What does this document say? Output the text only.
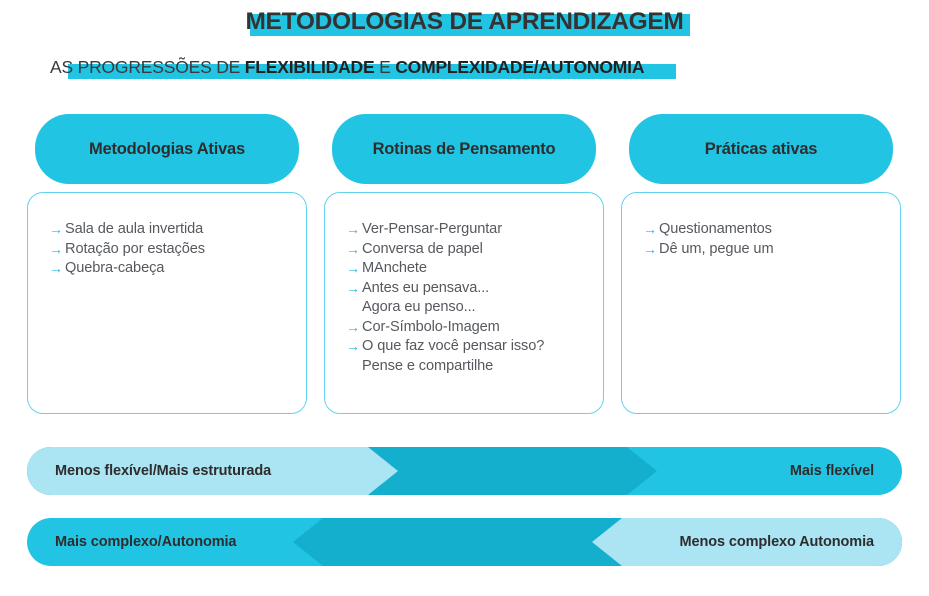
METODOLOGIAS DE APRENDIZAGEM
AS PROGRESSÕES DE FLEXIBILIDADE E COMPLEXIDADE/AUTONOMIA
Metodologias Ativas
→ Sala de aula invertida
→ Rotação por estações
→ Quebra-cabeça
Rotinas de Pensamento
→ Ver-Pensar-Perguntar
→ Conversa de papel
→ MAnchete
→ Antes eu pensava...
Agora eu penso...
→ Cor-Símbolo-Imagem
→ O que faz você pensar isso?
Pense e compartilhe
Práticas ativas
→ Questionamentos
→ Dê um, pegue um
Menos flexível/Mais estruturada	Mais flexível
Mais complexo/Autonomia	Menos complexo Autonomia
